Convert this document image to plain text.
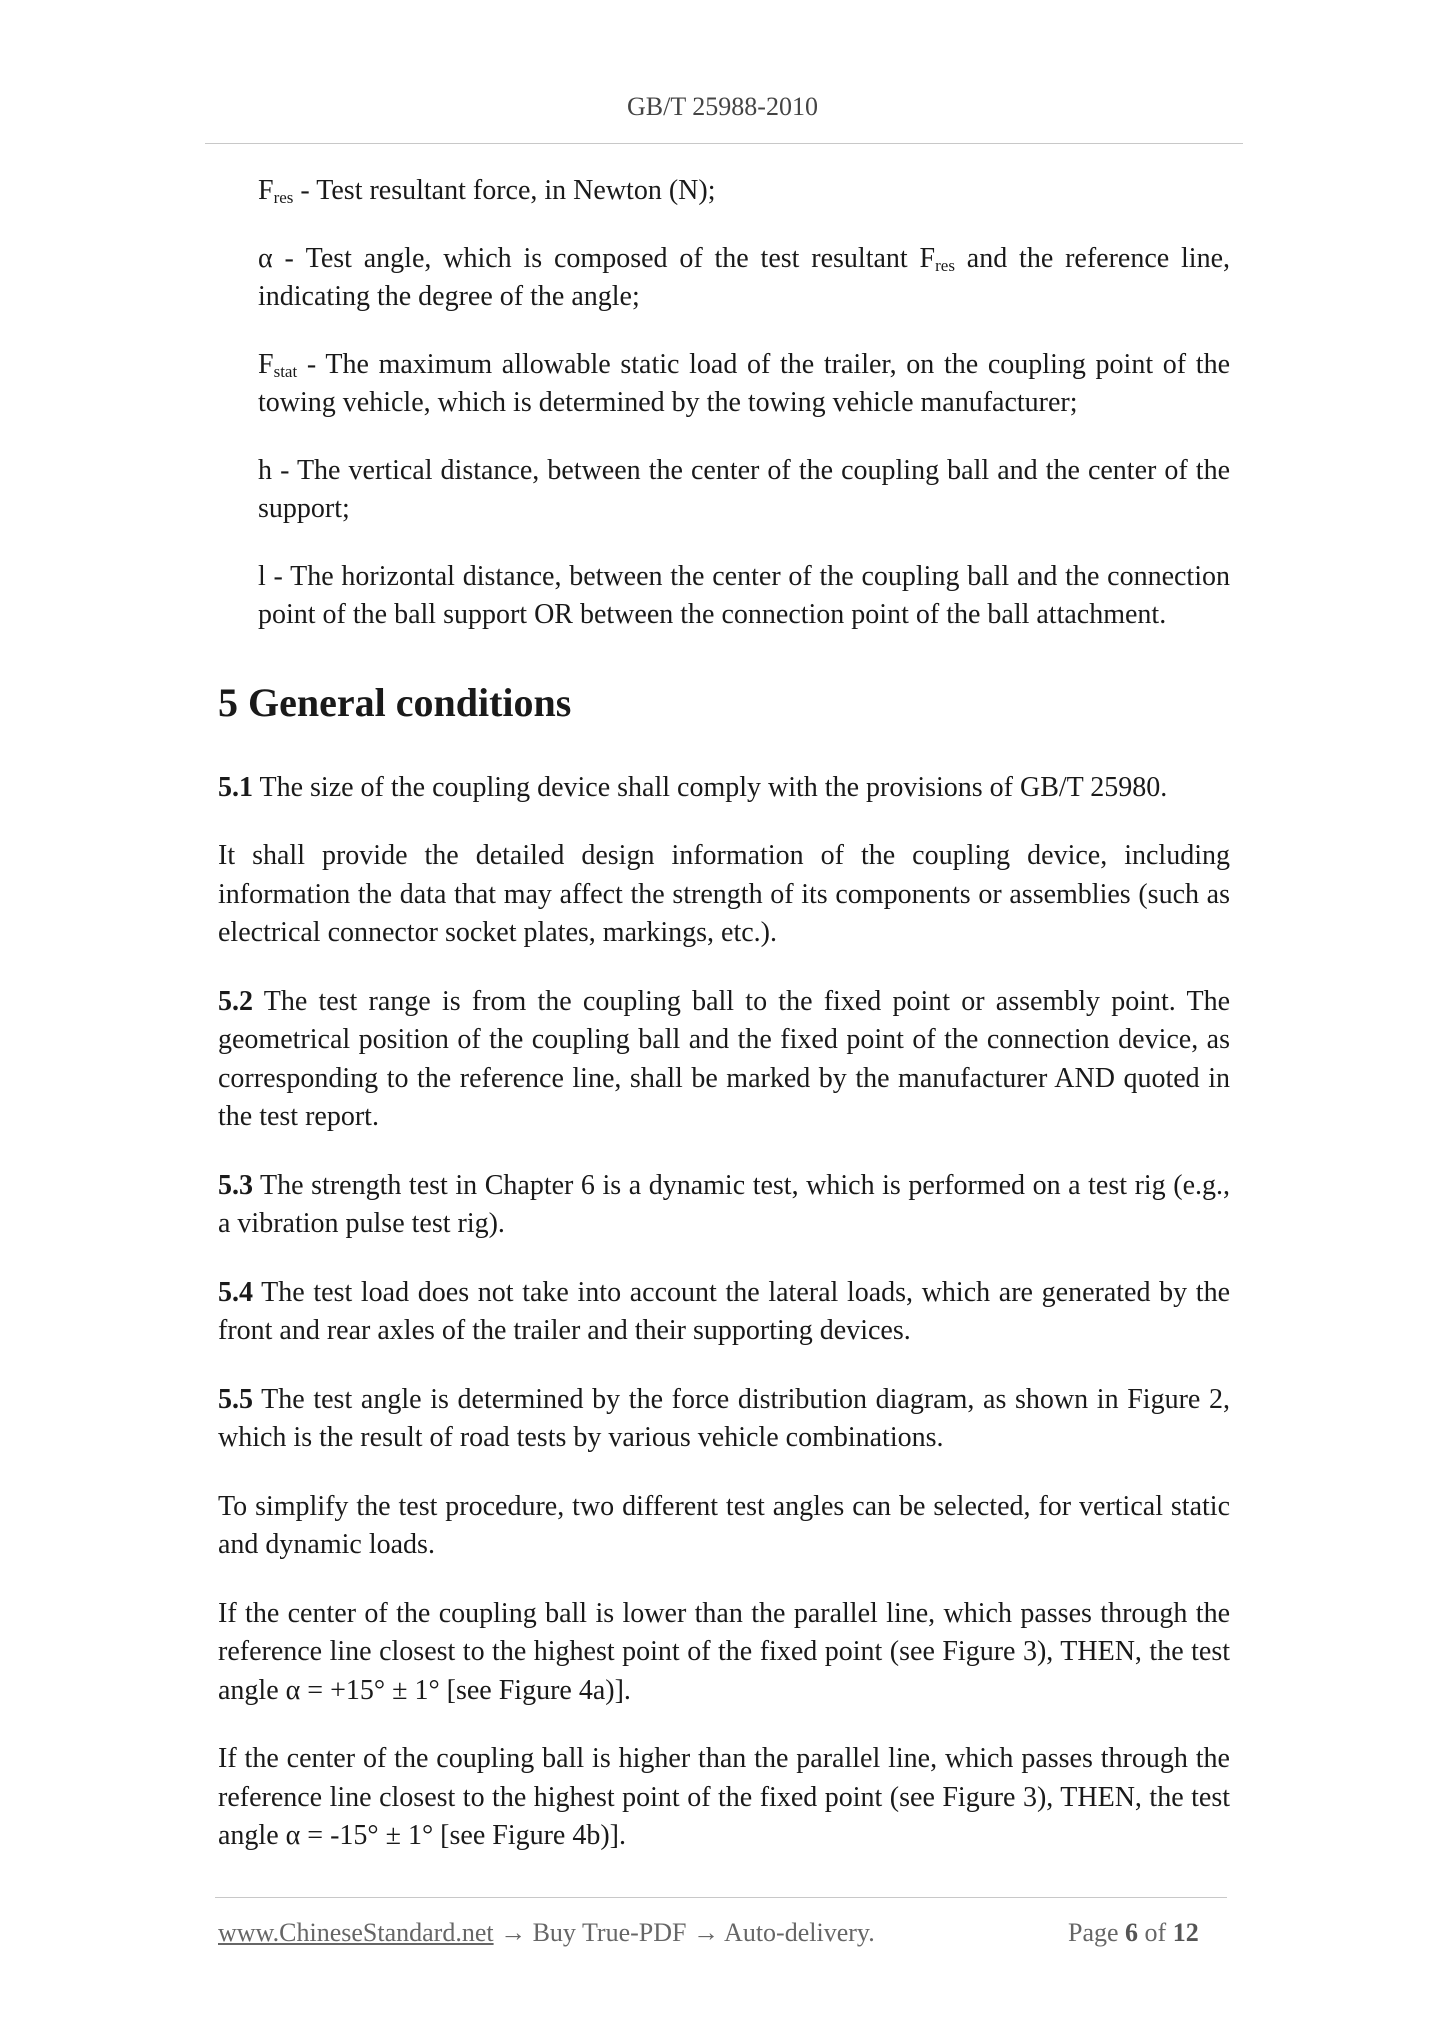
GB/T 25988-2010

$F_{res}$ - Test resultant force, in Newton (N);

α - Test angle, which is composed of the test resultant $F_{res}$ and the reference line, indicating the degree of the angle;

$F_{stat}$ - The maximum allowable static load of the trailer, on the coupling point of the towing vehicle, which is determined by the towing vehicle manufacturer;

h - The vertical distance, between the center of the coupling ball and the center of the support;

l - The horizontal distance, between the center of the coupling ball and the connection point of the ball support OR between the connection point of the ball attachment.

5 General conditions

5.1 The size of the coupling device shall comply with the provisions of GB/T 25980.

It shall provide the detailed design information of the coupling device, including information the data that may affect the strength of its components or assemblies (such as electrical connector socket plates, markings, etc.).

5.2 The test range is from the coupling ball to the fixed point or assembly point. The geometrical position of the coupling ball and the fixed point of the connection device, as corresponding to the reference line, shall be marked by the manufacturer AND quoted in the test report.

5.3 The strength test in Chapter 6 is a dynamic test, which is performed on a test rig (e.g., a vibration pulse test rig).

5.4 The test load does not take into account the lateral loads, which are generated by the front and rear axles of the trailer and their supporting devices.

5.5 The test angle is determined by the force distribution diagram, as shown in Figure 2, which is the result of road tests by various vehicle combinations.

To simplify the test procedure, two different test angles can be selected, for vertical static and dynamic loads.

If the center of the coupling ball is lower than the parallel line, which passes through the reference line closest to the highest point of the fixed point (see Figure 3), THEN, the test angle α = +15° ± 1° [see Figure 4a)].

If the center of the coupling ball is higher than the parallel line, which passes through the reference line closest to the highest point of the fixed point (see Figure 3), THEN, the test angle α = -15° ± 1° [see Figure 4b)].

www.ChineseStandard.net → Buy True-PDF → Auto-delivery.	Page 6 of 12
